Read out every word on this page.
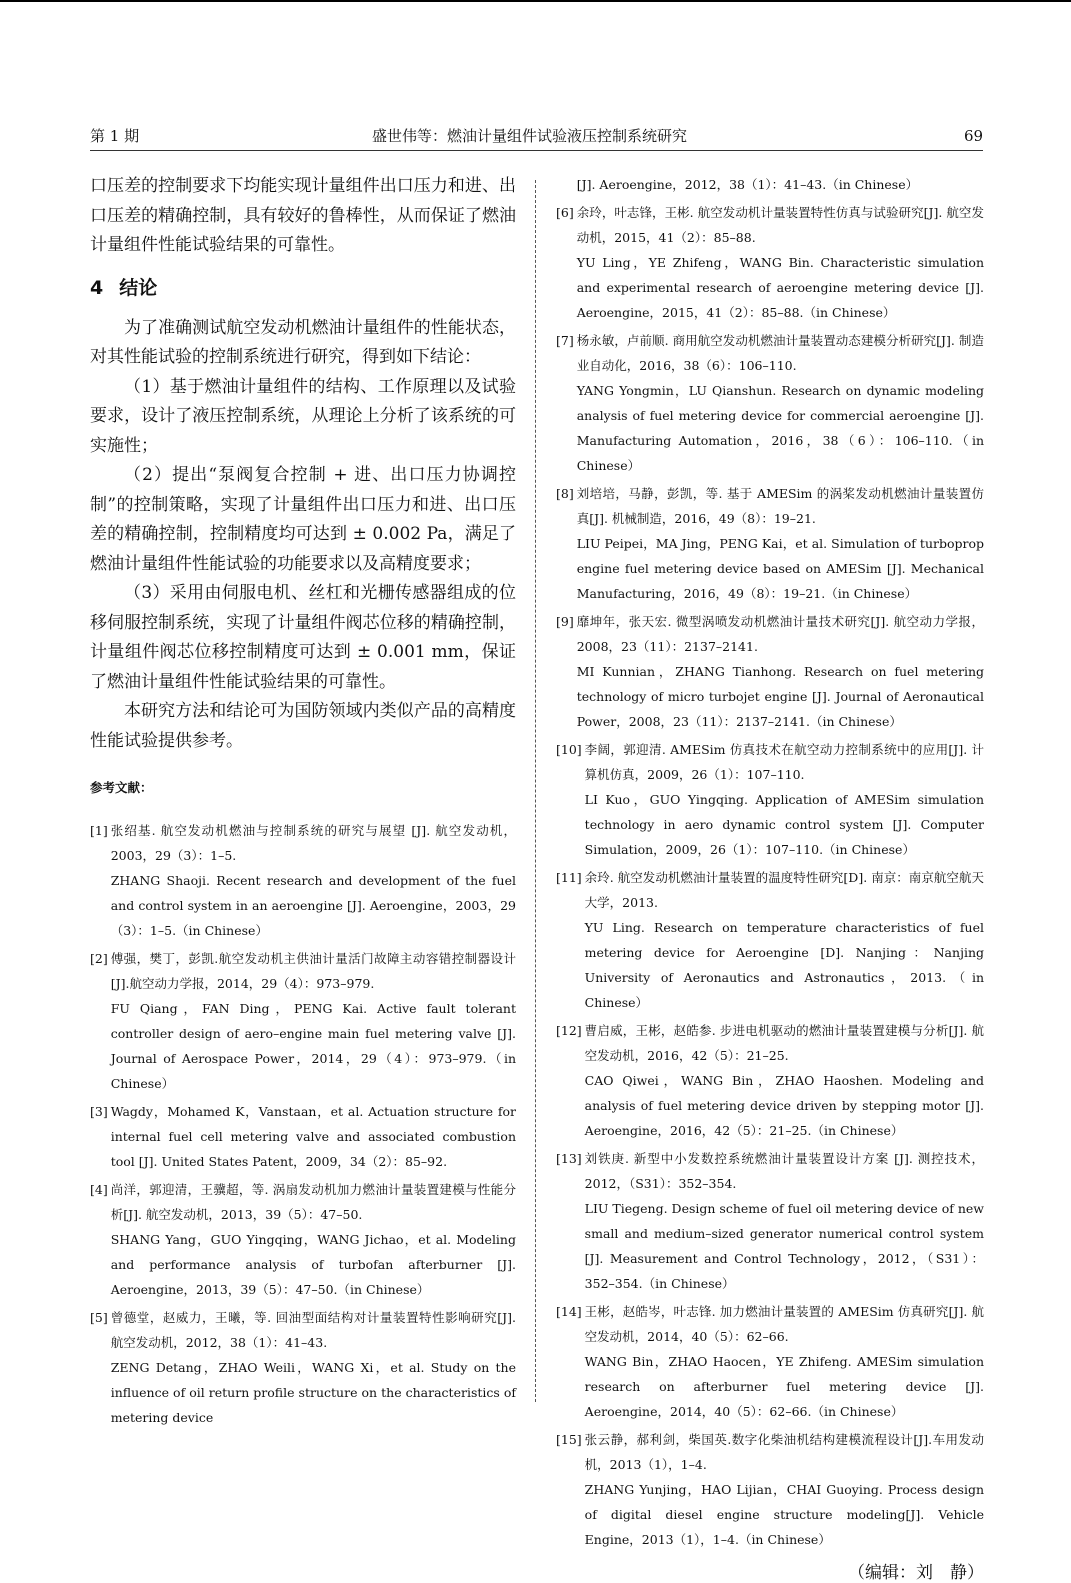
第 1 期	盛世伟等：燃油计量组件试验液压控制系统研究	69

口压差的控制要求下均能实现计量组件出口压力和进、出口压差的精确控制，具有较好的鲁棒性，从而保证了燃油计量组件性能试验结果的可靠性。

4 结论

为了准确测试航空发动机燃油计量组件的性能状态，对其性能试验的控制系统进行研究，得到如下结论：

（1）基于燃油计量组件的结构、工作原理以及试验要求，设计了液压控制系统，从理论上分析了该系统的可实施性；

（2）提出“泵阀复合控制 + 进、出口压力协调控制”的控制策略，实现了计量组件出口压力和进、出口压差的精确控制，控制精度均可达到 ± 0.002 Pa，满足了燃油计量组件性能试验的功能要求以及高精度要求；

（3）采用由伺服电机、丝杠和光栅传感器组成的位移伺服控制系统，实现了计量组件阀芯位移的精确控制，计量组件阀芯位移控制精度可达到 ± 0.001 mm，保证了燃油计量组件性能试验结果的可靠性。

本研究方法和结论可为国防领域内类似产品的高精度性能试验提供参考。

参考文献：
[1] 张绍基. 航空发动机燃油与控制系统的研究与展望 [J]. 航空发动机，2003，29（3）：1–5.
ZHANG Shaoji. Recent research and development of the fuel and control system in an aeroengine [J]. Aeroengine，2003，29（3）：1–5.（in Chinese）
[2] 傅强，樊丁，彭凯.航空发动机主供油计量活门故障主动容错控制器设计[J].航空动力学报，2014，29（4）：973–979.
FU Qiang，FAN Ding，PENG Kai. Active fault tolerant controller design of aero–engine main fuel metering valve [J]. Journal of Aerospace Power，2014，29（4）：973–979.（in Chinese）
[3] Wagdy，Mohamed K，Vanstaan，et al. Actuation structure for internal fuel cell metering valve and associated combustion tool [J]. United States Patent，2009，34（2）：85–92.
[4] 尚洋，郭迎清，王骥超，等. 涡扇发动机加力燃油计量装置建模与性能分析[J]. 航空发动机，2013，39（5）：47–50.
SHANG Yang，GUO Yingqing，WANG Jichao，et al. Modeling and performance analysis of turbofan afterburner [J]. Aeroengine，2013，39（5）：47–50.（in Chinese）
[5] 曾德堂，赵威力，王曦，等. 回油型面结构对计量装置特性影响研究[J]. 航空发动机，2012，38（1）：41–43.
ZENG Detang，ZHAO Weili，WANG Xi，et al. Study on the influence of oil return profile structure on the characteristics of metering device
[J]. Aeroengine，2012，38（1）：41–43.（in Chinese）
[6] 余玲，叶志锋，王彬. 航空发动机计量装置特性仿真与试验研究[J]. 航空发动机，2015，41（2）：85–88.
YU Ling，YE Zhifeng，WANG Bin. Characteristic simulation and experimental research of aeroengine metering device [J]. Aeroengine，2015，41（2）：85–88.（in Chinese）
[7] 杨永敏，卢前顺. 商用航空发动机燃油计量装置动态建模分析研究[J]. 制造业自动化，2016，38（6）：106–110.
YANG Yongmin，LU Qianshun. Research on dynamic modeling analysis of fuel metering device for commercial aeroengine [J]. Manufacturing Automation，2016，38（6）：106–110.（in Chinese）
[8] 刘培培，马静，彭凯，等. 基于 AMESim 的涡桨发动机燃油计量装置仿真[J]. 机械制造，2016，49（8）：19–21.
LIU Peipei，MA Jing，PENG Kai，et al. Simulation of turboprop engine fuel metering device based on AMESim [J]. Mechanical Manufacturing，2016，49（8）：19–21.（in Chinese）
[9] 靡坤年，张天宏. 微型涡喷发动机燃油计量技术研究[J]. 航空动力学报，2008，23（11）：2137–2141.
MI Kunnian，ZHANG Tianhong. Research on fuel metering technology of micro turbojet engine [J]. Journal of Aeronautical Power，2008，23（11）：2137–2141.（in Chinese）
[10] 李阔，郭迎清. AMESim 仿真技术在航空动力控制系统中的应用[J]. 计算机仿真，2009，26（1）：107–110.
LI Kuo，GUO Yingqing. Application of AMESim simulation technology in aero dynamic control system [J]. Computer Simulation，2009，26（1）：107–110.（in Chinese）
[11] 余玲. 航空发动机燃油计量装置的温度特性研究[D]. 南京：南京航空航天大学，2013.
YU Ling. Research on temperature characteristics of fuel metering device for Aeroengine [D]. Nanjing：Nanjing University of Aeronautics and Astronautics，2013.（in Chinese）
[12] 曹启威，王彬，赵皓参. 步进电机驱动的燃油计量装置建模与分析[J]. 航空发动机，2016，42（5）：21–25.
CAO Qiwei，WANG Bin，ZHAO Haoshen. Modeling and analysis of fuel metering device driven by stepping motor [J]. Aeroengine，2016，42（5）：21–25.（in Chinese）
[13] 刘铁庚. 新型中小发数控系统燃油计量装置设计方案 [J]. 测控技术，2012，（S31）：352–354.
LIU Tiegeng. Design scheme of fuel oil metering device of new small and medium–sized generator numerical control system [J]. Measurement and Control Technology，2012，（S31）：352–354.（in Chinese）
[14] 王彬，赵皓岑，叶志锋. 加力燃油计量装置的 AMESim 仿真研究[J]. 航空发动机，2014，40（5）：62–66.
WANG Bin，ZHAO Haocen，YE Zhifeng. AMESim simulation research on afterburner fuel metering device [J]. Aeroengine，2014，40（5）：62–66.（in Chinese）
[15] 张云静，郝利剑，柴国英.数字化柴油机结构建模流程设计[J].车用发动机，2013（1），1–4.
ZHANG Yunjing，HAO Lijian，CHAI Guoying. Process design of digital diesel engine structure modeling[J]. Vehicle Engine，2013（1），1–4.（in Chinese）
（编辑：刘　静）
